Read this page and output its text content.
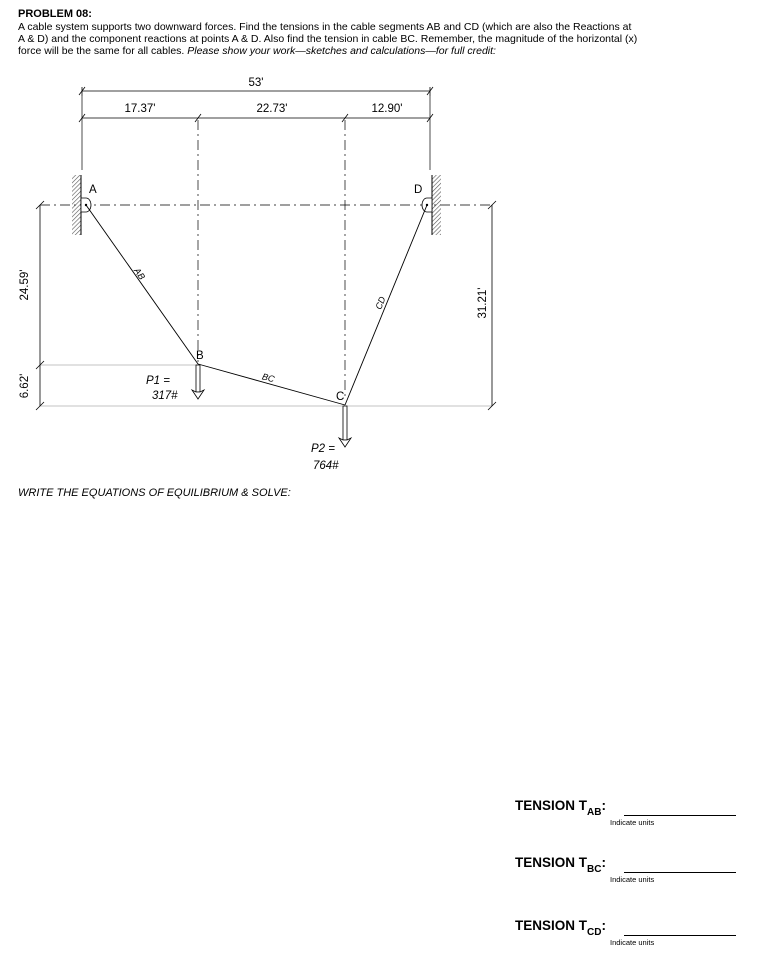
PROBLEM 08:
A cable system supports two downward forces. Find the tensions in the cable segments AB and CD (which are also the Reactions at
A & D) and the component reactions at points A & D. Also find the tension in cable BC. Remember, the magnitude of the horizontal (x)
force will be the same for all cables. Please show your work—sketches and calculations—for full credit:
53'
17.37'	22.73'	12.90'
A
B
C
D
AB
BC
CD
P1 =
317#
P2 =
764#
24.59'
6.62'
31.21'
WRITE THE EQUATIONS OF EQUILIBRIUM & SOLVE:
TENSION $T_{AB}$:
Indicate units
TENSION $T_{BC}$:
Indicate units
TENSION $T_{CD}$:
Indicate units
